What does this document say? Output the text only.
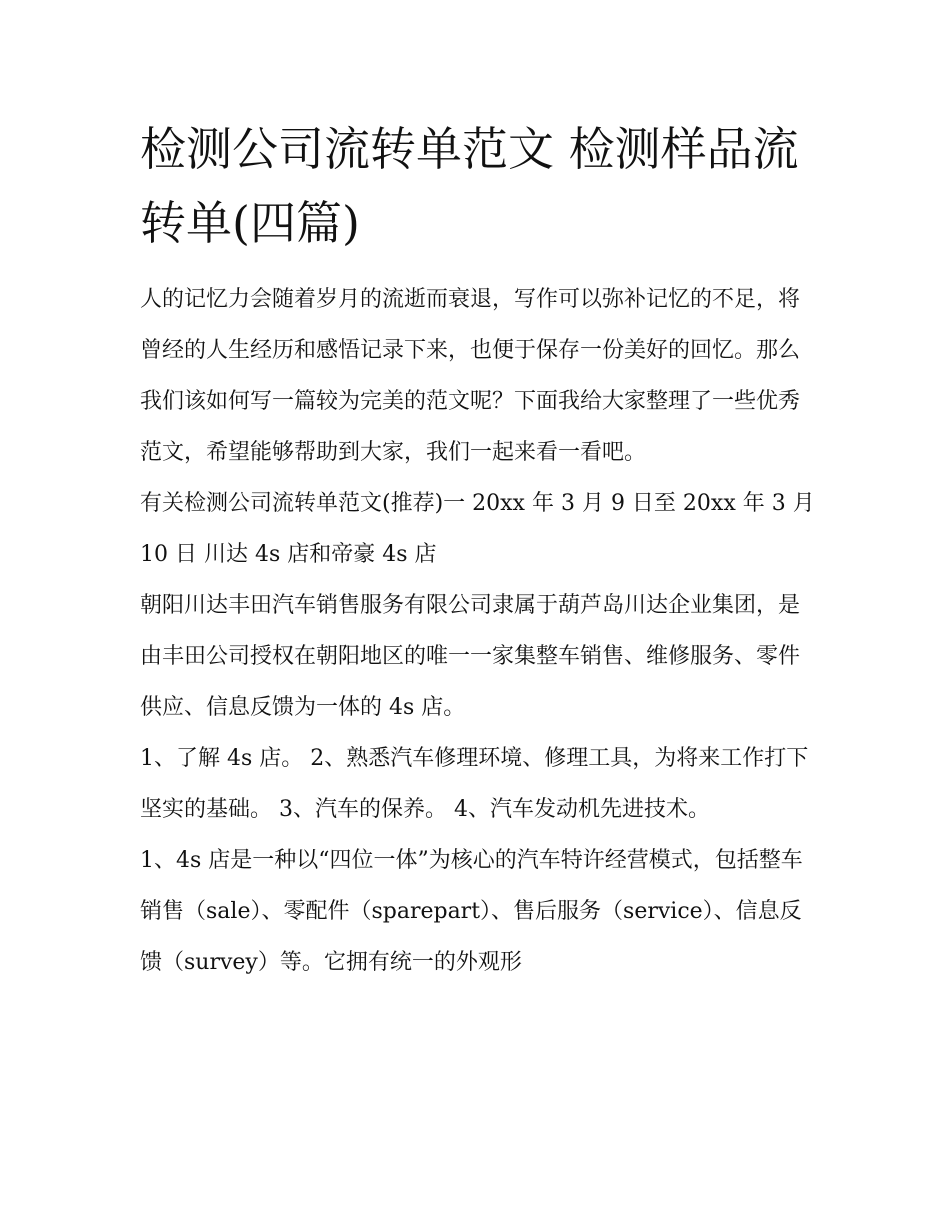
检测公司流转单范文 检测样品流转单(四篇)

人的记忆力会随着岁月的流逝而衰退，写作可以弥补记忆的不足，将曾经的人生经历和感悟记录下来，也便于保存一份美好的回忆。那么我们该如何写一篇较为完美的范文呢？下面我给大家整理了一些优秀范文，希望能够帮助到大家，我们一起来看一看吧。

有关检测公司流转单范文(推荐)一 20xx 年 3 月 9 日至 20xx 年 3 月 10 日 川达 4s 店和帝豪 4s 店

朝阳川达丰田汽车销售服务有限公司隶属于葫芦岛川达企业集团，是由丰田公司授权在朝阳地区的唯一一家集整车销售、维修服务、零件供应、信息反馈为一体的 4s 店。

1、了解 4s 店。 2、熟悉汽车修理环境、修理工具，为将来工作打下坚实的基础。 3、汽车的保养。 4、汽车发动机先进技术。

1、4s 店是一种以“四位一体”为核心的汽车特许经营模式，包括整车销售（sale）、零配件（sparepart）、售后服务（service）、信息反馈（survey）等。它拥有统一的外观形
